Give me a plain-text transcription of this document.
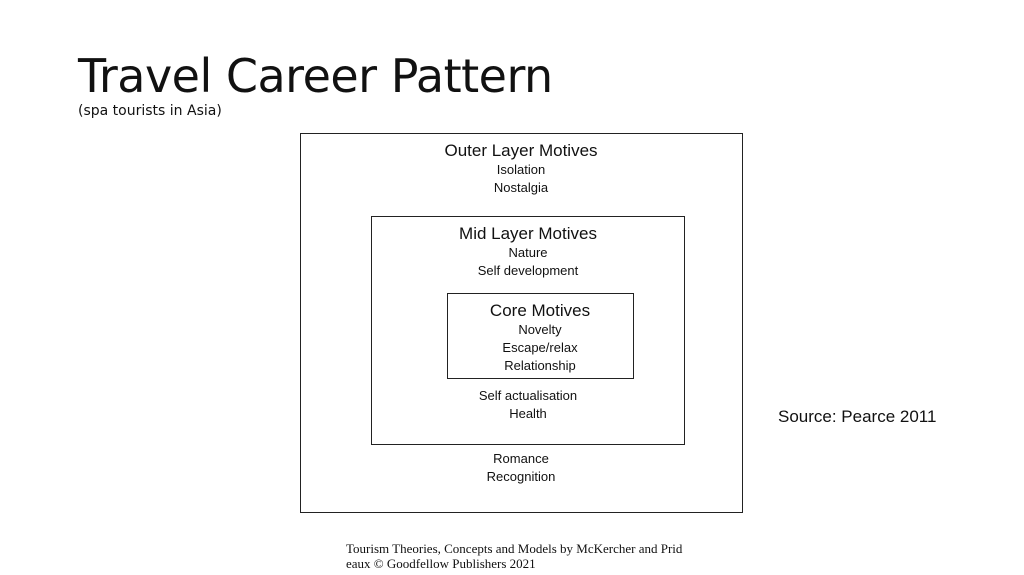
Travel Career Pattern
(spa tourists in Asia)
Outer Layer Motives
Isolation
Nostalgia
Mid Layer Motives
Nature
Self development
Core Motives
Novelty
Escape/relax
Relationship
Self actualisation
Health
Romance
Recognition
Source: Pearce 2011
Tourism Theories, Concepts and Models by McKercher and Prideaux © Goodfellow Publishers 2021
